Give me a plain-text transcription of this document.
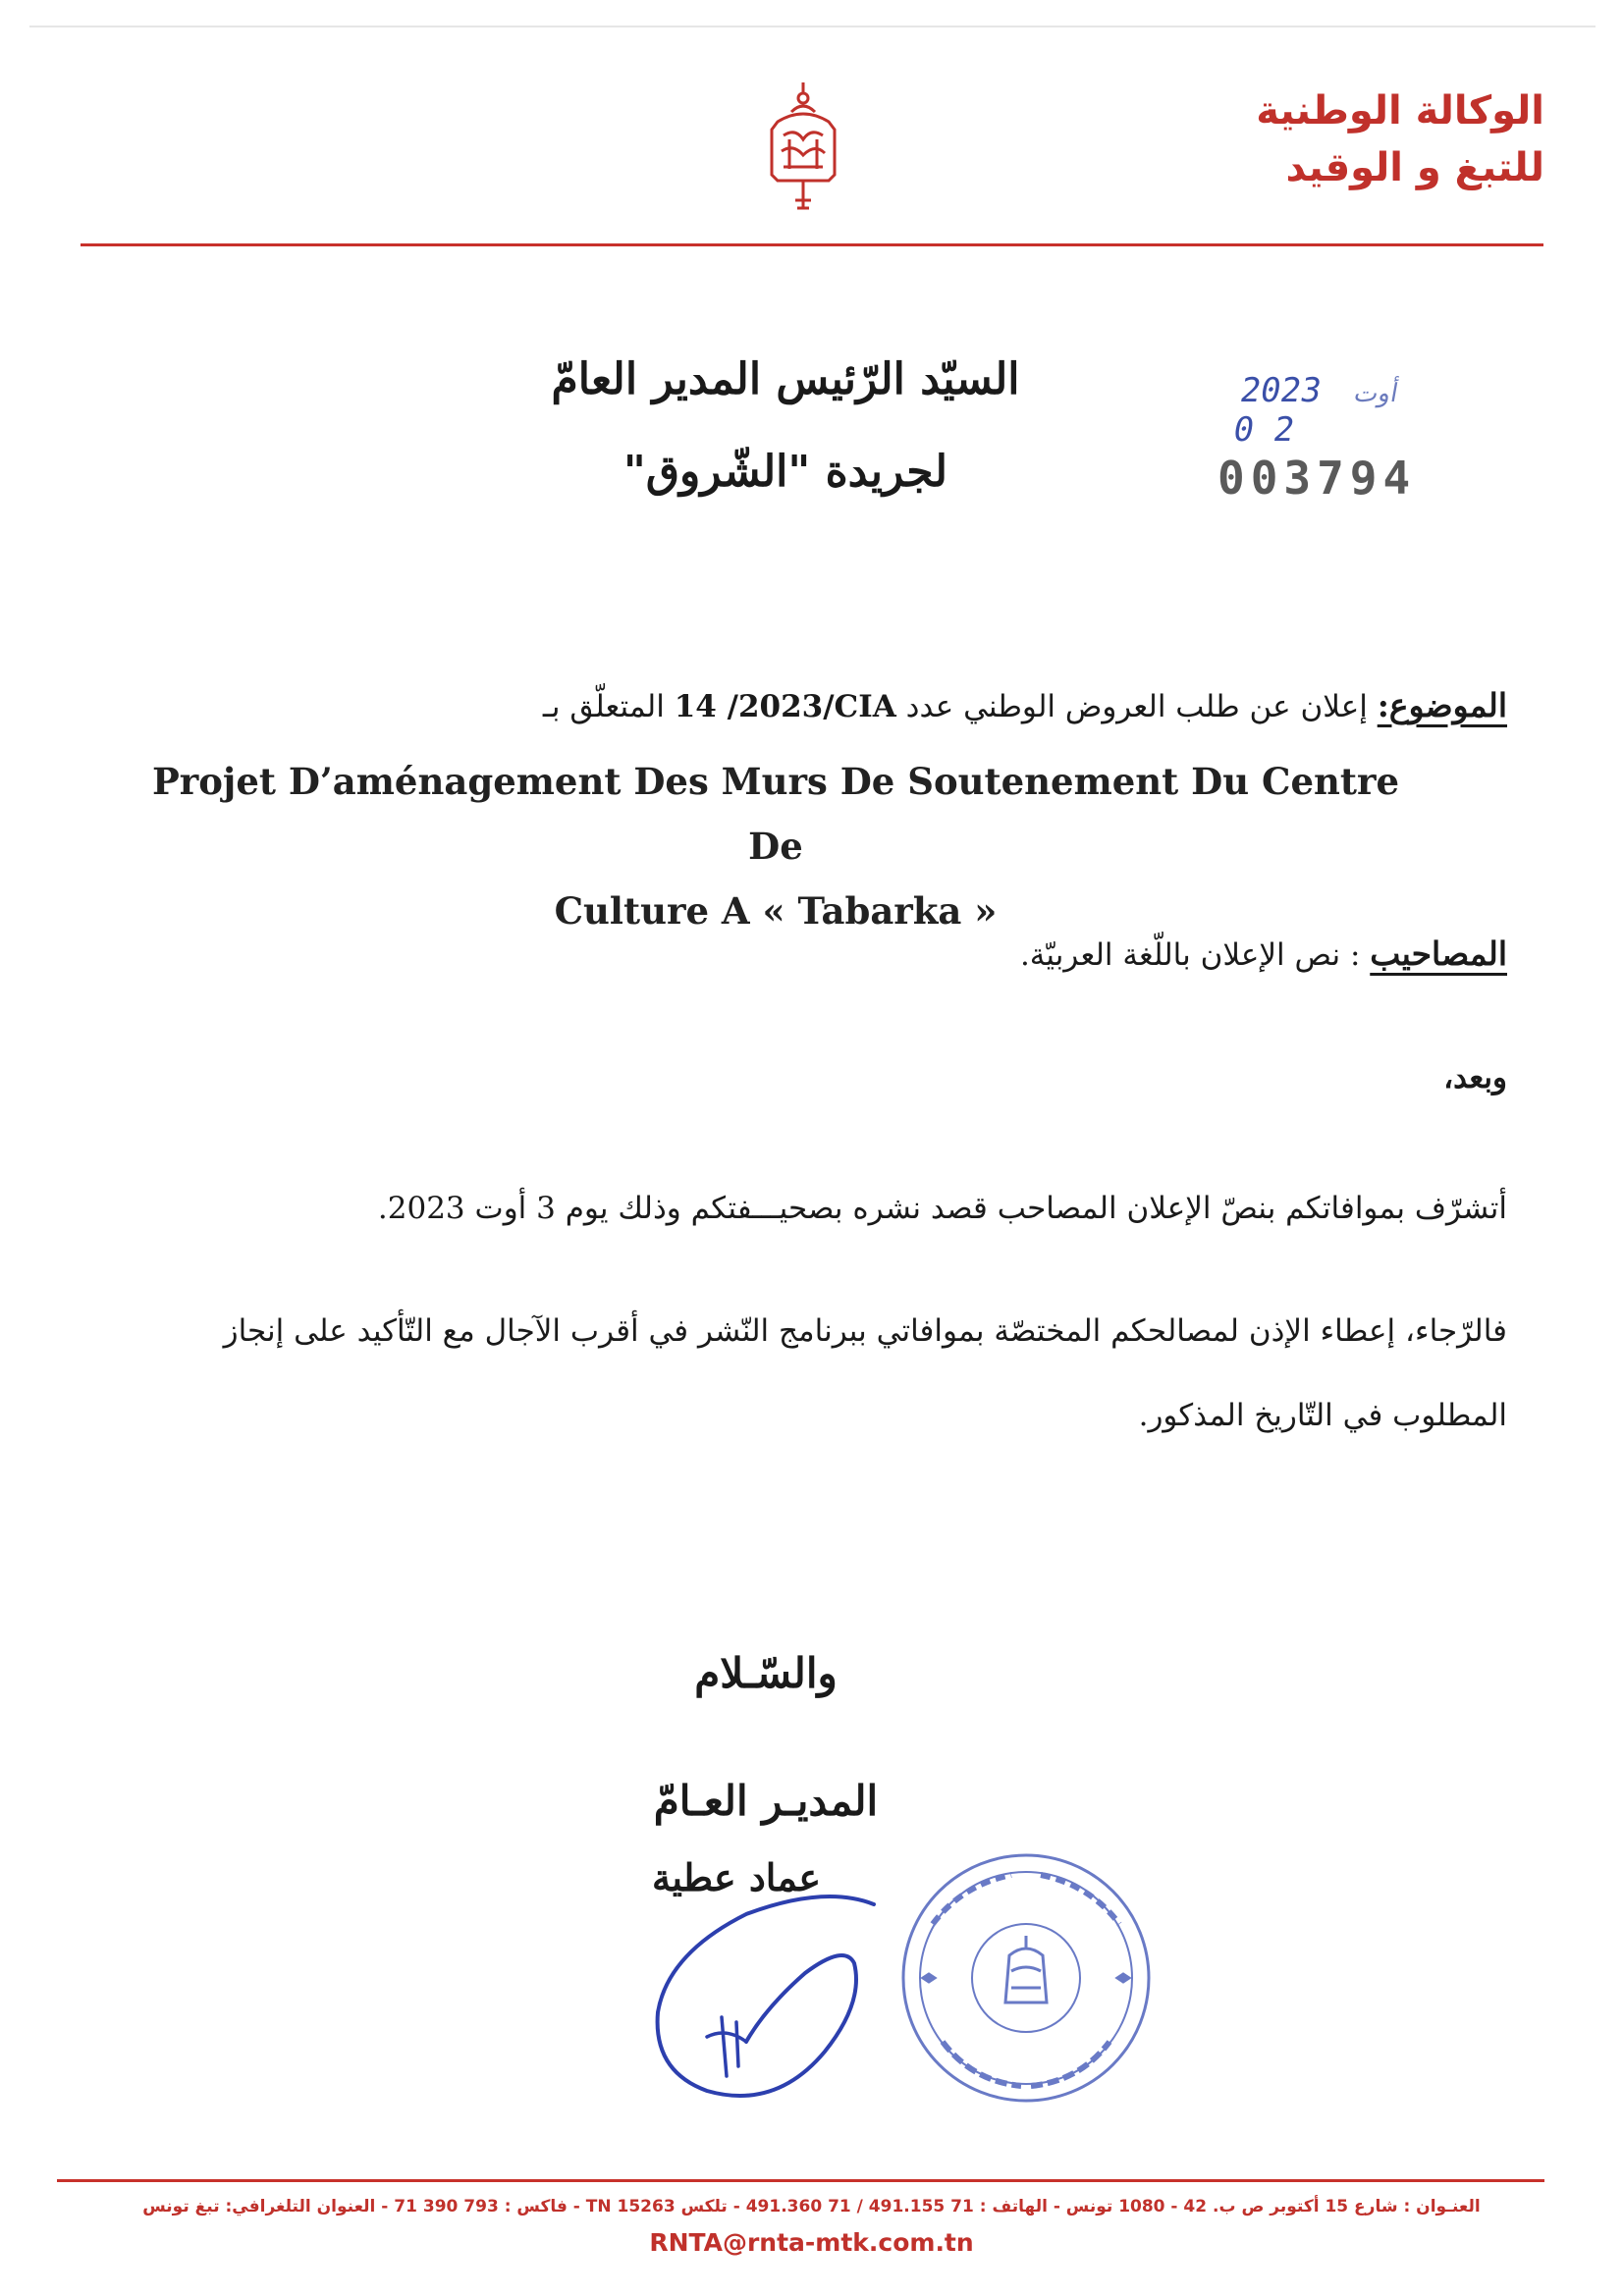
الوكالة الوطنية
للتبغ و الوقيد
السيّد الرّئيس المدير العامّ
لجريدة "الشّروق"
2023 أوت 0 2
003794
الموضوع: إعلان عن طلب العروض الوطني عدد 14 /2023/CIA المتعلّق بـ
Projet D’aménagement Des Murs De Soutenement Du Centre De
Culture A « Tabarka »
المصاحيب : نص الإعلان باللّغة العربيّة.
وبعد،
أتشرّف بموافاتكم بنصّ الإعلان المصاحب قصد نشره بصحيـــفتكم وذلك يوم 3 أوت 2023.
فالرّجاء، إعطاء الإذن لمصالحكم المختصّة بموافاتي ببرنامج النّشر في أقرب الآجال مع التّأكيد على إنجاز المطلوب في التّاريخ المذكور.
والسّـلام
المديـر العـامّ
عماد عطية
العنـوان : شارع 15 أكتوبر ص ب. 42 - 1080 تونس - الهاتف : 71 491.155 / 71 491.360 - تلكس 15263 TN - فاكس : 793 390 71 - العنوان التلغرافي: تبغ تونس
RNTA@rnta-mtk.com.tn
